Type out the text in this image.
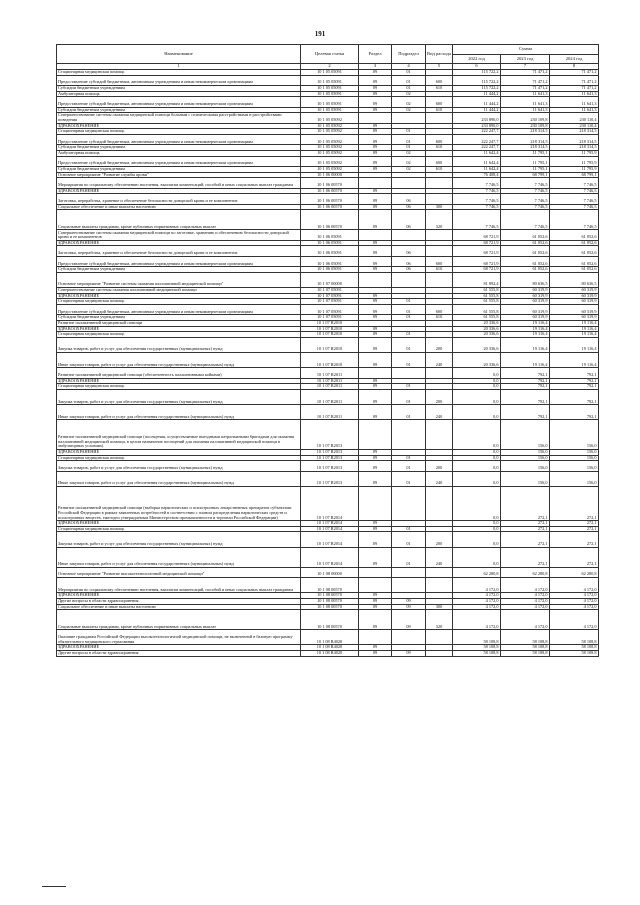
191
Наименование	Целевая статья	Раздел	Подраздел	Вид расхода	Сумма		
					2022 год	2023 год	2024 год
1	2	3	4	5	6	7	8
Стационарная медицинская помощь	10 1 05 05091	09	01		115 722,2	71 471,2	71 471,2
Предоставление субсидий бюджетным, автономным учреждениям и иным некоммерческим организациям	10 1 05 05091	09	01	600	115 722,2	71 471,2	71 471,2
Субсидии бюджетным учреждениям	10 1 05 05091	09	01	610	115 722,2	71 471,2	71 471,2
Амбулаторная помощь	10 1 05 05091	09	02		11 444,2	11 641,3	11 641,3
Предоставление субсидий бюджетным, автономным учреждениям и иным некоммерческим организациям	10 1 05 05091	09	02	600	11 444,2	11 641,3	11 641,3
Субсидии бюджетным учреждениям	10 1 05 05091	09	02	610	11 444,2	11 641,3	11 641,3
Совершенствование системы оказания медицинской помощи больным с психическими расстройствами и расстройствами поведения	10 1 05 05092				233 890,0	230 109,8	230 110,4
ЗДРАВООХРАНЕНИЕ	10 1 05 05092	09			233 890,0	230 109,8	230 110,4
Стационарная медицинская помощь	10 1 05 05092	09	01		222 247,7	218 314,5	218 314,5
Предоставление субсидий бюджетным, автономным учреждениям и иным некоммерческим организациям	10 1 05 05092	09	01	600	222 247,7	218 314,5	218 314,5
Субсидии бюджетным учреждениям	10 1 05 05092	09	01	610	222 247,7	218 314,5	218 314,5
Амбулаторная помощь	10 1 05 05092	09	02		11 642,4	11 795,1	11 795,9
Предоставление субсидий бюджетным, автономным учреждениям и иным некоммерческим организациям	10 1 05 05092	09	02	600	11 642,4	11 795,1	11 795,9
Субсидии бюджетным учреждениям	10 1 05 05092	09	02	610	11 642,4	11 795,1	11 795,9
Основное мероприятие "Развитие службы крови"	10 1 06 00000				76 408,4	68 799,1	68 799,1
Мероприятия по социальному обеспечению населения, выплатам компенсаций, пособий и иных социальных выплат гражданам	10 1 06 00570				7 746,5	7 746,5	7 746,5
ЗДРАВООХРАНЕНИЕ	10 1 06 00570	09			7 746,5	7 746,5	7 746,5
Заготовка, переработка, хранение и обеспечение безопасности донорской крови и ее компонентов	10 1 06 00570	09	06		7 746,5	7 746,5	7 746,5
Социальное обеспечение и иные выплаты населению	10 1 06 00570	09	06	300	7 746,5	7 746,5	7 746,5
Социальные выплаты гражданам, кроме публичных нормативных социальных выплат	10 1 06 00570	09	06	320	7 746,5	7 746,5	7 746,5
Совершенствование системы оказания медицинской помощи по заготовке, хранению и обеспечению безопасности донорской крови и ее компонентов	10 1 06 05091				68 721,9	61 052,6	61 052,6
ЗДРАВООХРАНЕНИЕ	10 1 06 05091	09			68 721,9	61 052,6	61 052,6
Заготовка, переработка, хранение и обеспечение безопасности донорской крови и ее компонентов	10 1 06 05091	09	06		68 721,9	61 052,6	61 052,6
Предоставление субсидий бюджетным, автономным учреждениям и иным некоммерческим организациям	10 1 06 05091	09	06	600	68 721,9	61 052,6	61 052,6
Субсидии бюджетным учреждениям	10 1 06 05091	09	06	610	68 721,9	61 052,6	61 052,6
Основное мероприятие "Развитие системы оказания паллиативной медицинской помощи"	10 1 07 00000				81 892,4	80 636,5	80 636,5
Совершенствование системы оказания паллиативной медицинской помощи	10 1 07 05091				61 555,8	60 319,9	60 319,9
ЗДРАВООХРАНЕНИЕ	10 1 07 05091	09			61 555,8	60 319,9	60 319,9
Стационарная медицинская помощь	10 1 07 05091	09	01		61 555,8	60 319,9	60 319,9
Предоставление субсидий бюджетным, автономным учреждениям и иным некоммерческим организациям	10 1 07 05091	09	01	600	61 555,8	60 319,9	60 319,9
Субсидии бюджетным учреждениям	10 1 07 05091	09	01	610	61 555,8	60 319,9	60 319,9
Развитие паллиативной медицинской помощи	10 1 07 R2010				20 336,6	19 116,4	19 116,4
ЗДРАВООХРАНЕНИЕ	10 1 07 R2010	09			20 336,6	19 116,4	19 116,4
Стационарная медицинская помощь	10 1 07 R2010	09	01		20 336,6	19 116,4	19 116,4
Закупка товаров, работ и услуг для обеспечения государственных (муниципальных) нужд	10 1 07 R2010	09	01	200	20 336,6	19 116,4	19 116,4
Иные закупки товаров, работ и услуг для обеспечения государственных (муниципальных) нужд	10 1 07 R2010	09	01	240	20 336,6	19 116,4	19 116,4
Развитие паллиативной медицинской помощи (обеспеченность паллиативными койками)	10 1 07 R2011				0,0	792,1	792,1
ЗДРАВООХРАНЕНИЕ	10 1 07 R2011	09			0,0	792,1	792,1
Стационарная медицинская помощь	10 1 07 R2011	09	01		0,0	792,1	792,1
Закупка товаров, работ и услуг для обеспечения государственных (муниципальных) нужд	10 1 07 R2011	09	01	200	0,0	792,1	792,1
Иные закупки товаров, работ и услуг для обеспечения государственных (муниципальных) нужд	10 1 07 R2011	09	01	240	0,0	792,1	792,1
Развитие паллиативной медицинской помощи (посещения, осуществляемые выездными патронажными бригадами для оказания паллиативной медицинской помощи, в целом назначение посещений для оказания паллиативной медицинской помощи в амбулаторных условиях)	10 1 07 R2013				0,0	156,0	156,0
ЗДРАВООХРАНЕНИЕ	10 1 07 R2013	09			0,0	156,0	156,0
Стационарная медицинская помощь	10 1 07 R2013	09	01		0,0	156,0	156,0
Закупка товаров, работ и услуг для обеспечения государственных (муниципальных) нужд	10 1 07 R2013	09	01	200	0,0	156,0	156,0
Иные закупки товаров, работ и услуг для обеспечения государственных (муниципальных) нужд	10 1 07 R2013	09	01	240	0,0	156,0	156,0
Развитие паллиативной медицинской помощи (выборка наркотических и психотропных лекарственных препаратов субъектами Российской Федерации в рамках заявленных потребностей в соответствии с планом распределения наркотических средств и психотропных веществ, ежегодно утверждаемым Министерством промышленности и торговли Российской Федерации)	10 1 07 R2014				0,0	272,1	272,1
ЗДРАВООХРАНЕНИЕ	10 1 07 R2014	09			0,0	272,1	272,1
Стационарная медицинская помощь	10 1 07 R2014	09	01		0,0	272,1	272,1
Закупка товаров, работ и услуг для обеспечения государственных (муниципальных) нужд	10 1 07 R2014	09	01	200	0,0	272,1	272,1
Иные закупки товаров, работ и услуг для обеспечения государственных (муниципальных) нужд	10 1 07 R2014	09	01	240	0,0	272,1	272,1
Основное мероприятие "Развитие высокотехнологичной медицинской помощи"	10 1 08 00000				62 280,8	62 280,8	62 280,8
Мероприятия по социальному обеспечению населения, выплатам компенсаций, пособий и иных социальных выплат гражданам	10 1 08 00570				4 172,0	4 172,0	4 172,0
ЗДРАВООХРАНЕНИЕ	10 1 08 00570	09			4 172,0	4 172,0	4 172,0
Другие вопросы в области здравоохранения	10 1 08 00570	09	09		4 172,0	4 172,0	4 172,0
Социальное обеспечение и иные выплаты населению	10 1 08 00570	09	09	300	4 172,0	4 172,0	4 172,0
Социальные выплаты гражданам, кроме публичных нормативных социальных выплат	10 1 08 00570	09	09	320	4 172,0	4 172,0	4 172,0
Оказание гражданам Российской Федерации высокотехнологичной медицинской помощи, не включенной в базовую программу обязательного медицинского страхования	10 1 08 R4020				58 108,8	58 108,8	58 108,8
ЗДРАВООХРАНЕНИЕ	10 1 08 R4020	09			58 108,8	58 108,8	58 108,8
Другие вопросы в области здравоохранения	10 1 08 R4020	09	09		58 108,8	58 108,8	58 108,8
